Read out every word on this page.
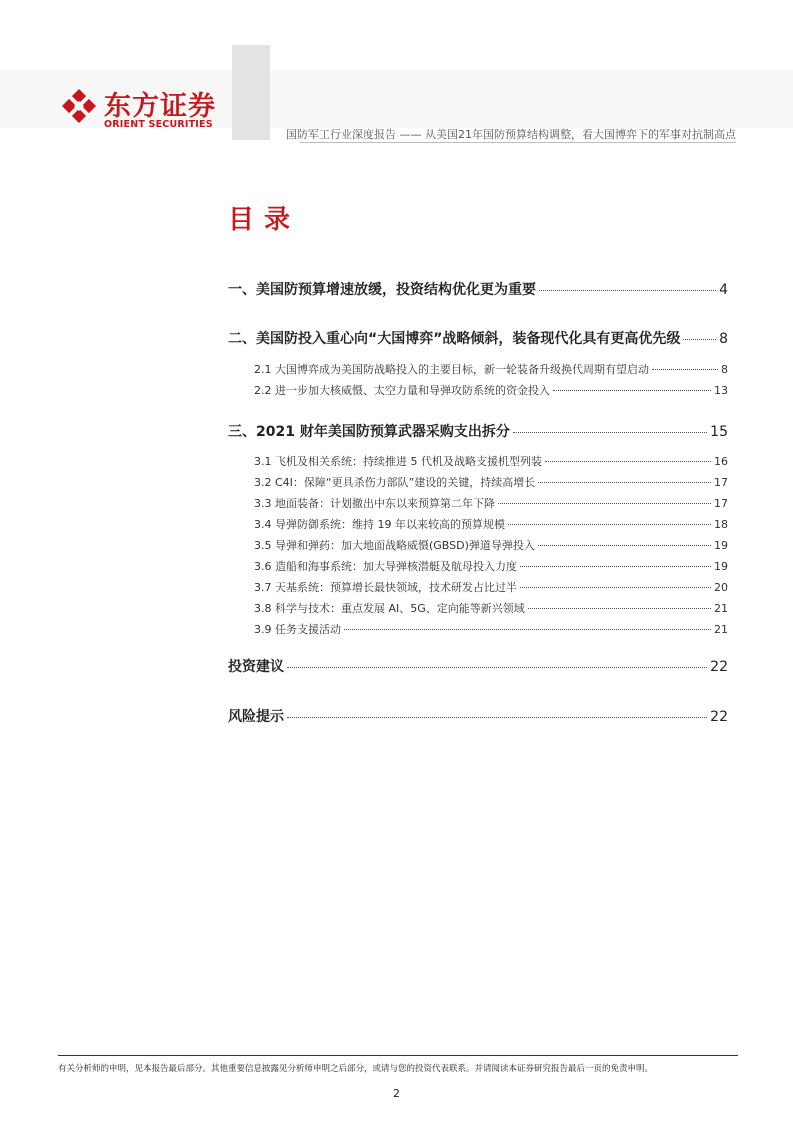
东方证券
ORIENT SECURITIES
国防军工行业深度报告 —— 从美国21年国防预算结构调整，看大国博弈下的军事对抗制高点
目录
一、美国防预算增速放缓，投资结构优化更为重要	4
二、美国防投入重心向“大国博弈”战略倾斜，装备现代化具有更高优先级	8
2.1 大国博弈成为美国防战略投入的主要目标，新一轮装备升级换代周期有望启动	8
2.2 进一步加大核威慑、太空力量和导弹攻防系统的资金投入	13
三、2021 财年美国防预算武器采购支出拆分	15
3.1 飞机及相关系统：持续推进 5 代机及战略支援机型列装	16
3.2 C4I：保障“更具杀伤力部队”建设的关键，持续高增长	17
3.3 地面装备：计划撤出中东以来预算第二年下降	17
3.4 导弹防御系统：维持 19 年以来较高的预算规模	18
3.5 导弹和弹药：加大地面战略威慑(GBSD)弹道导弹投入	19
3.6 造船和海事系统：加大导弹核潜艇及航母投入力度	19
3.7 天基系统：预算增长最快领域，技术研发占比过半	20
3.8 科学与技术：重点发展 AI、5G、定向能等新兴领域	21
3.9 任务支援活动	21
投资建议	22
风险提示	22
有关分析师的申明，见本报告最后部分。其他重要信息披露见分析师申明之后部分，或请与您的投资代表联系。并请阅读本证券研究报告最后一页的免责申明。
2
